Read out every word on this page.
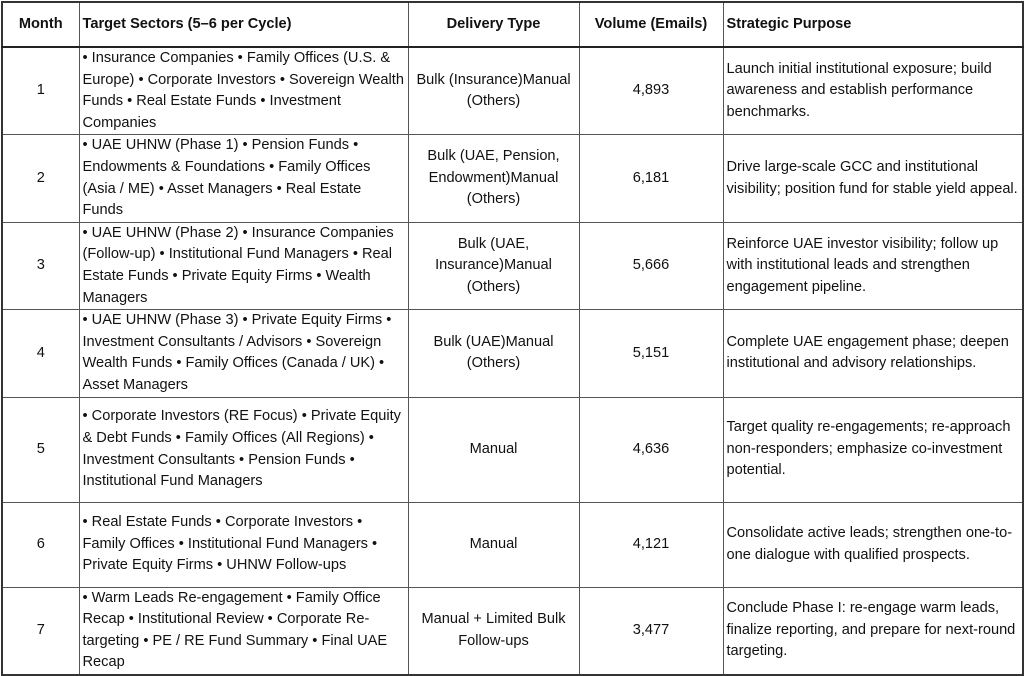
Month	Target Sectors (5–6 per Cycle)	Delivery Type	Volume (Emails)	Strategic Purpose
1	• Insurance Companies • Family Offices (U.S. & Europe) • Corporate Investors • Sovereign Wealth Funds • Real Estate Funds • Investment Companies	Bulk (Insurance)Manual (Others)	4,893	Launch initial institutional exposure; build awareness and establish performance benchmarks.
2	• UAE UHNW (Phase 1) • Pension Funds • Endowments & Foundations • Family Offices (Asia / ME) • Asset Managers • Real Estate Funds	Bulk (UAE, Pension, Endowment)Manual (Others)	6,181	Drive large-scale GCC and institutional visibility; position fund for stable yield appeal.
3	• UAE UHNW (Phase 2) • Insurance Companies (Follow-up) • Institutional Fund Managers • Real Estate Funds • Private Equity Firms • Wealth Managers	Bulk (UAE, Insurance)Manual (Others)	5,666	Reinforce UAE investor visibility; follow up with institutional leads and strengthen engagement pipeline.
4	• UAE UHNW (Phase 3) • Private Equity Firms • Investment Consultants / Advisors • Sovereign Wealth Funds • Family Offices (Canada / UK) • Asset Managers	Bulk (UAE)Manual (Others)	5,151	Complete UAE engagement phase; deepen institutional and advisory relationships.
5	• Corporate Investors (RE Focus) • Private Equity & Debt Funds • Family Offices (All Regions) • Investment Consultants • Pension Funds • Institutional Fund Managers	Manual	4,636	Target quality re-engagements; re-approach non-responders; emphasize co-investment potential.
6	• Real Estate Funds • Corporate Investors • Family Offices • Institutional Fund Managers • Private Equity Firms • UHNW Follow-ups	Manual	4,121	Consolidate active leads; strengthen one-to-one dialogue with qualified prospects.
7	• Warm Leads Re-engagement • Family Office Recap • Institutional Review • Corporate Re-targeting • PE / RE Fund Summary • Final UAE Recap	Manual + Limited Bulk Follow-ups	3,477	Conclude Phase I: re-engage warm leads, finalize reporting, and prepare for next-round targeting.
